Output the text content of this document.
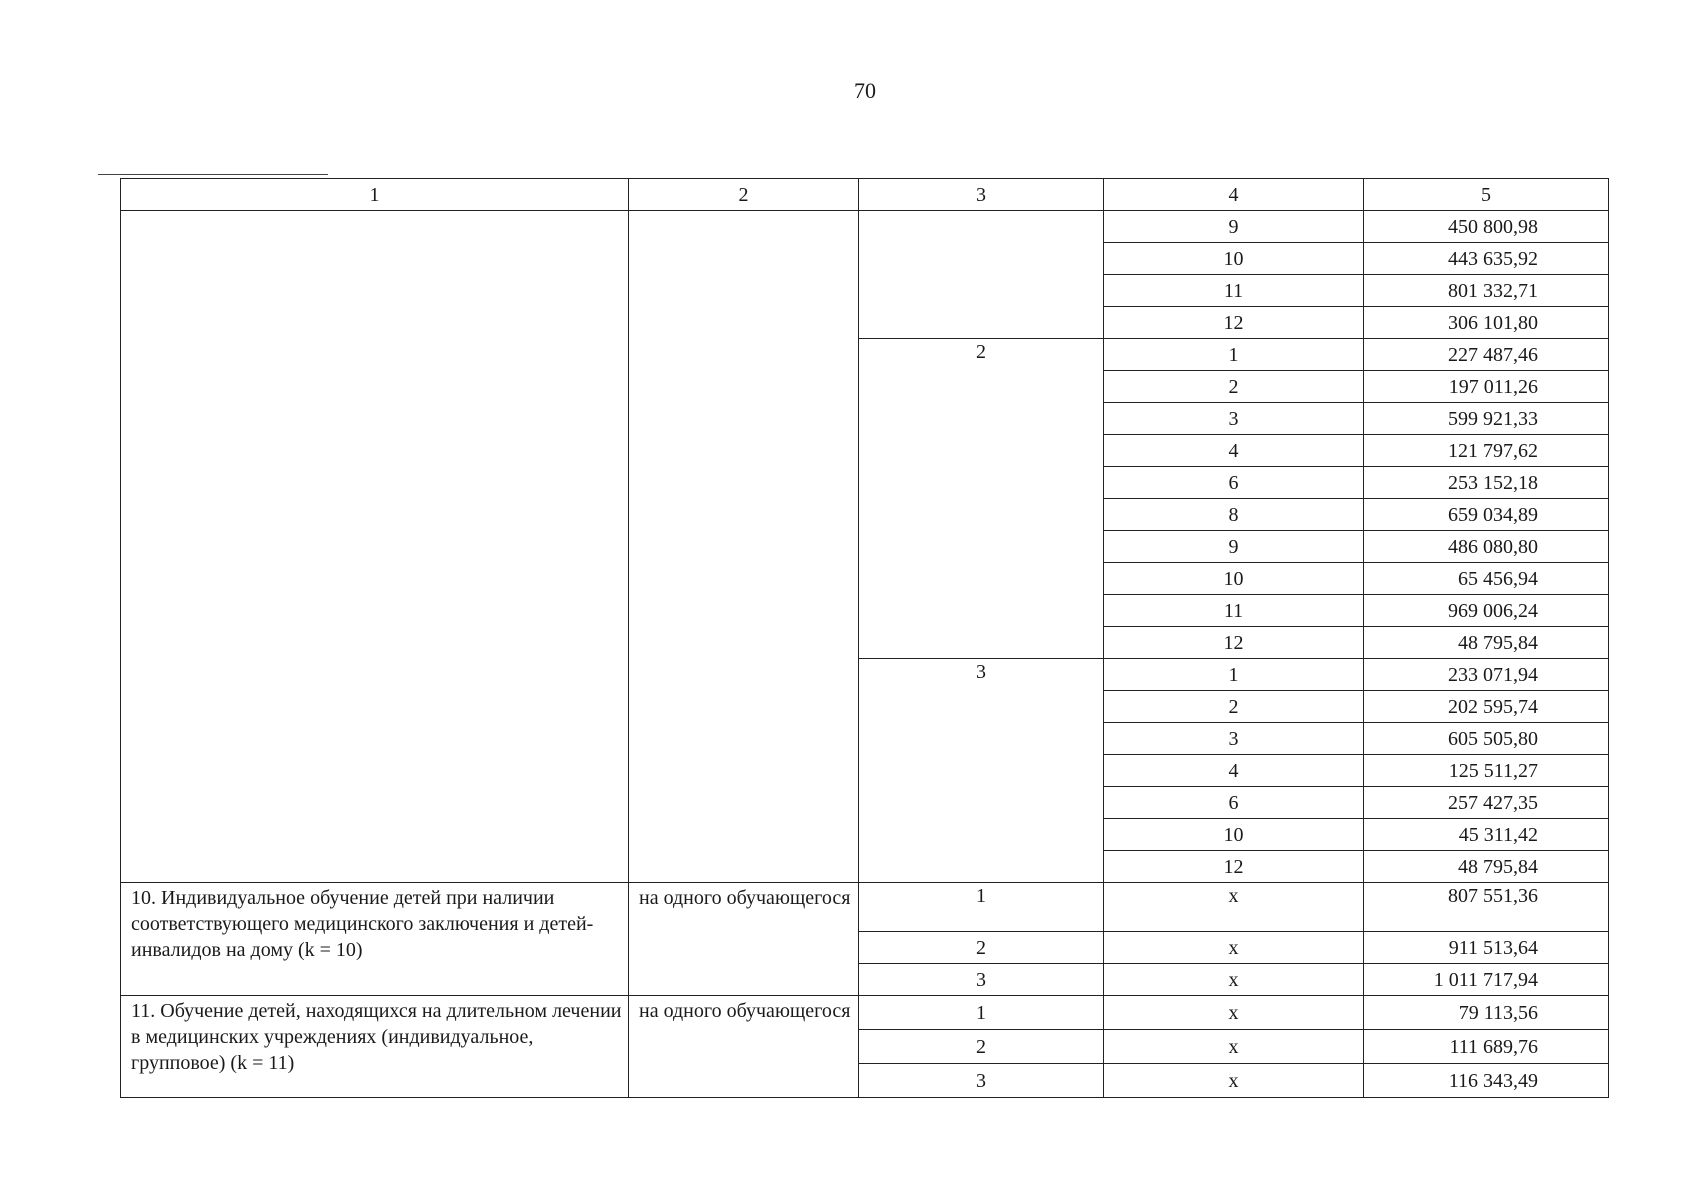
70
1	2	3	4	5
			9	450 800,98
			10	443 635,92
			11	801 332,71
			12	306 101,80
		2	1	227 487,46
			2	197 011,26
			3	599 921,33
			4	121 797,62
			6	253 152,18
			8	659 034,89
			9	486 080,80
			10	65 456,94
			11	969 006,24
			12	48 795,84
		3	1	233 071,94
			2	202 595,74
			3	605 505,80
			4	125 511,27
			6	257 427,35
			10	45 311,42
			12	48 795,84
10. Индивидуальное обучение детей при наличии соответствующего медицинского заключения и детей-инвалидов на дому (k = 10)	на одного обучающегося	1	х	807 551,36
		2	х	911 513,64
		3	х	1 011 717,94
11. Обучение детей, находящихся на длительном лечении в медицинских учреждениях (индивидуальное, групповое) (k = 11)	на одного обучающегося	1	х	79 113,56
		2	х	111 689,76
		3	х	116 343,49
